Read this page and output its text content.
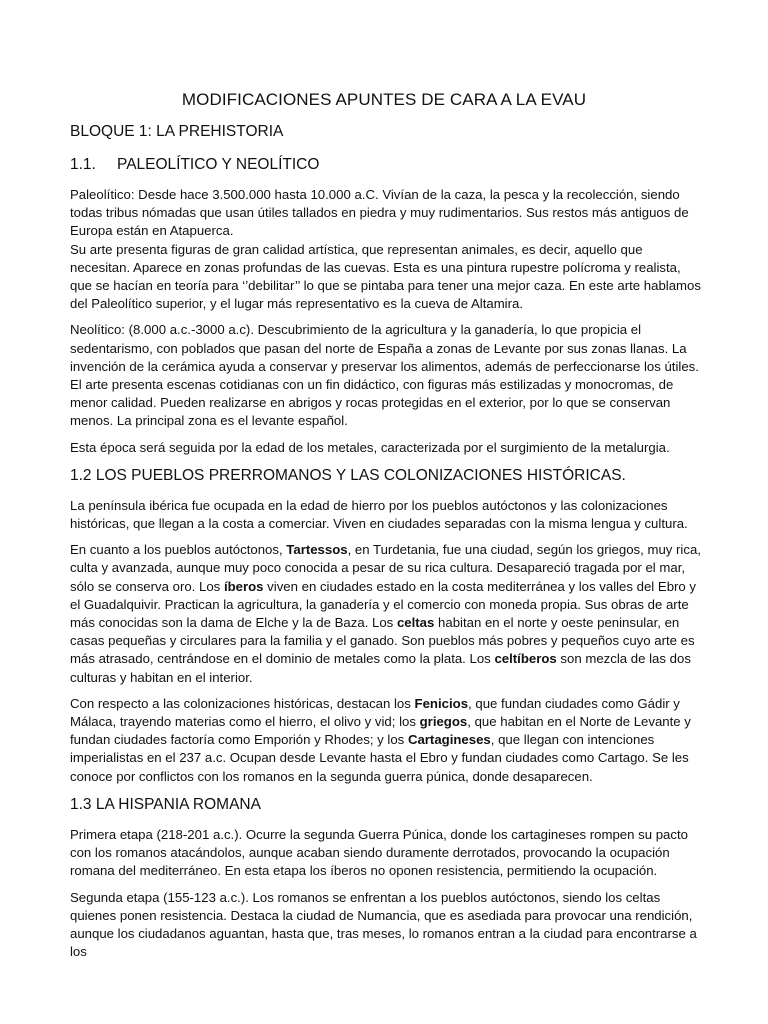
MODIFICACIONES APUNTES DE CARA A LA EVAU
BLOQUE 1: LA PREHISTORIA
1.1. PALEOLÍTICO Y NEOLÍTICO

Paleolítico: Desde hace 3.500.000 hasta 10.000 a.C. Vivían de la caza, la pesca y la recolección, siendo todas tribus nómadas que usan útiles tallados en piedra y muy rudimentarios. Sus restos más antiguos de Europa están en Atapuerca.

Su arte presenta figuras de gran calidad artística, que representan animales, es decir, aquello que necesitan. Aparece en zonas profundas de las cuevas. Esta es una pintura rupestre polícroma y realista, que se hacían en teoría para ‘’debilitar’’ lo que se pintaba para tener una mejor caza. En este arte hablamos del Paleolítico superior, y el lugar más representativo es la cueva de Altamira.

Neolítico: (8.000 a.c.-3000 a.c). Descubrimiento de la agricultura y la ganadería, lo que propicia el sedentarismo, con poblados que pasan del norte de España a zonas de Levante por sus zonas llanas. La invención de la cerámica ayuda a conservar y preservar los alimentos, además de perfeccionarse los útiles. El arte presenta escenas cotidianas con un fin didáctico, con figuras más estilizadas y monocromas, de menor calidad. Pueden realizarse en abrigos y rocas protegidas en el exterior, por lo que se conservan menos. La principal zona es el levante español.

Esta época será seguida por la edad de los metales, caracterizada por el surgimiento de la metalurgia.

1.2 LOS PUEBLOS PRERROMANOS Y LAS COLONIZACIONES HISTÓRICAS.

La península ibérica fue ocupada en la edad de hierro por los pueblos autóctonos y las colonizaciones históricas, que llegan a la costa a comerciar. Viven en ciudades separadas con la misma lengua y cultura.

En cuanto a los pueblos autóctonos, Tartessos, en Turdetania, fue una ciudad, según los griegos, muy rica, culta y avanzada, aunque muy poco conocida a pesar de su rica cultura. Desapareció tragada por el mar, sólo se conserva oro. Los íberos viven en ciudades estado en la costa mediterránea y los valles del Ebro y el Guadalquivir. Practican la agricultura, la ganadería y el comercio con moneda propia. Sus obras de arte más conocidas son la dama de Elche y la de Baza. Los celtas habitan en el norte y oeste peninsular, en casas pequeñas y circulares para la familia y el ganado. Son pueblos más pobres y pequeños cuyo arte es más atrasado, centrándose en el dominio de metales como la plata. Los celtíberos son mezcla de las dos culturas y habitan en el interior.

Con respecto a las colonizaciones históricas, destacan los Fenicios, que fundan ciudades como Gádir y Málaca, trayendo materias como el hierro, el olivo y vid; los griegos, que habitan en el Norte de Levante y fundan ciudades factoría como Emporión y Rhodes; y los Cartagineses, que llegan con intenciones imperialistas en el 237 a.c. Ocupan desde Levante hasta el Ebro y fundan ciudades como Cartago. Se les conoce por conflictos con los romanos en la segunda guerra púnica, donde desaparecen.

1.3 LA HISPANIA ROMANA

Primera etapa (218-201 a.c.). Ocurre la segunda Guerra Púnica, donde los cartagineses rompen su pacto con los romanos atacándolos, aunque acaban siendo duramente derrotados, provocando la ocupación romana del mediterráneo. En esta etapa los íberos no oponen resistencia, permitiendo la ocupación.

Segunda etapa (155-123 a.c.). Los romanos se enfrentan a los pueblos autóctonos, siendo los celtas quienes ponen resistencia. Destaca la ciudad de Numancia, que es asediada para provocar una rendición, aunque los ciudadanos aguantan, hasta que, tras meses, lo romanos entran a la ciudad para encontrarse a los
